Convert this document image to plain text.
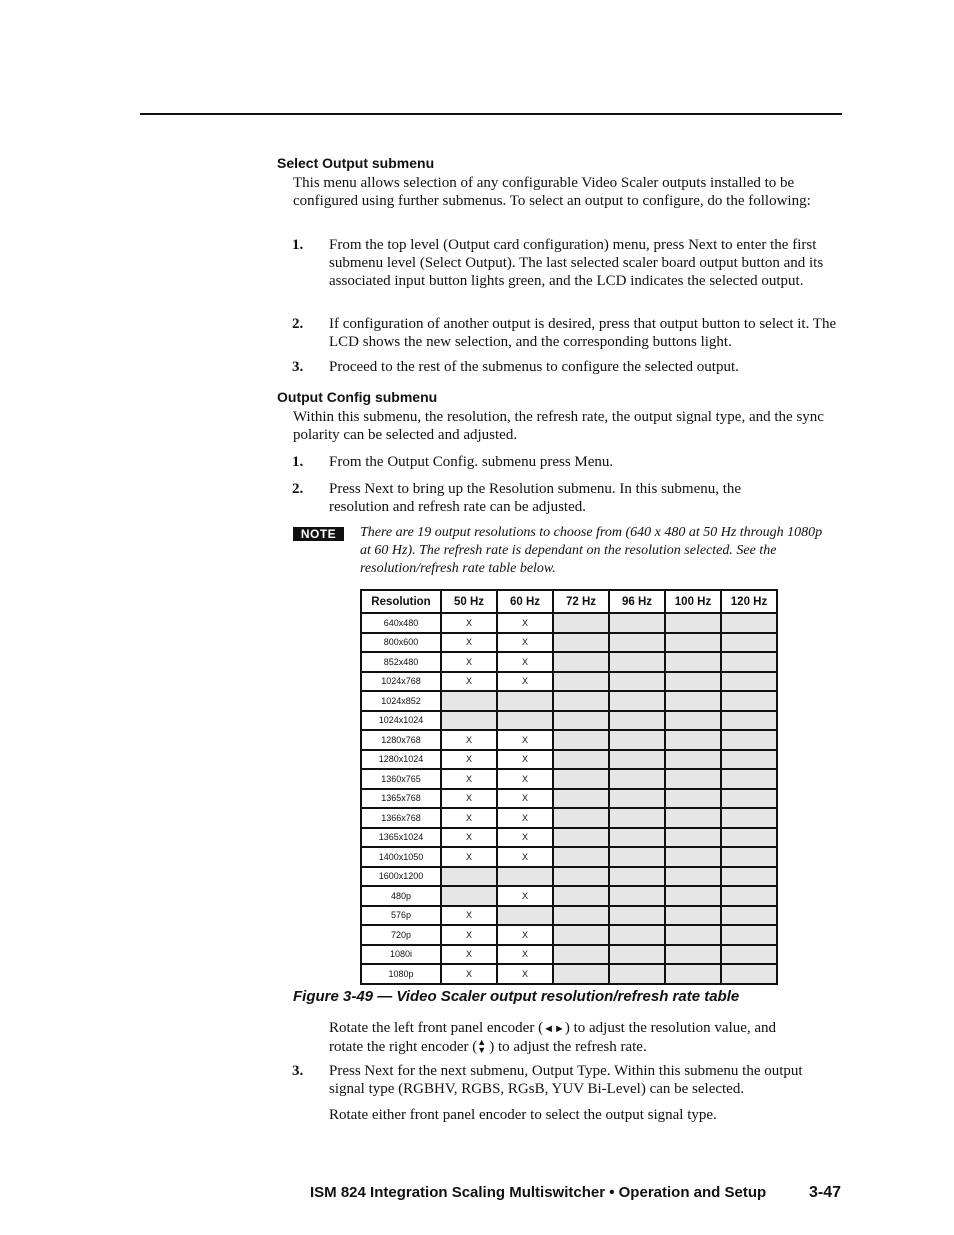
Select Output submenu
This menu allows selection of any configurable Video Scaler outputs installed to be configured using further submenus. To select an output to configure, do the following:
1. From the top level (Output card configuration) menu, press Next to enter the first submenu level (Select Output). The last selected scaler board output button and its associated input button lights green, and the LCD indicates the selected output.
2. If configuration of another output is desired, press that output button to select it. The LCD shows the new selection, and the corresponding buttons light.
3. Proceed to the rest of the submenus to configure the selected output.
Output Config submenu
Within this submenu, the resolution, the refresh rate, the output signal type, and the sync polarity can be selected and adjusted.
1. From the Output Config. submenu press Menu.
2. Press Next to bring up the Resolution submenu. In this submenu, the resolution and refresh rate can be adjusted.
NOTE	There are 19 output resolutions to choose from (640 x 480 at 50 Hz through 1080p at 60 Hz). The refresh rate is dependant on the resolution selected. See the resolution/refresh rate table below.
Resolution	50 Hz	60 Hz	72 Hz	96 Hz	100 Hz	120 Hz
640x480	X	X				
800x600	X	X				
852x480	X	X				
1024x768	X	X				
1024x852						
1024x1024						
1280x768	X	X				
1280x1024	X	X				
1360x765	X	X				
1365x768	X	X				
1366x768	X	X				
1365x1024	X	X				
1400x1050	X	X				
1600x1200						
480p		X				
576p	X					
720p	X	X				
1080i	X	X				
1080p	X	X				
Figure 3-49 — Video Scaler output resolution/refresh rate table
Rotate the left front panel encoder (◄►) to adjust the resolution value, and
rotate the right encoder (▲▼ ) to adjust the refresh rate.
3. Press Next for the next submenu, Output Type. Within this submenu the output signal type (RGBHV, RGBS, RGsB, YUV Bi-Level) can be selected.
Rotate either front panel encoder to select the output signal type.
ISM 824 Integration Scaling Multiswitcher • Operation and Setup	3-47
